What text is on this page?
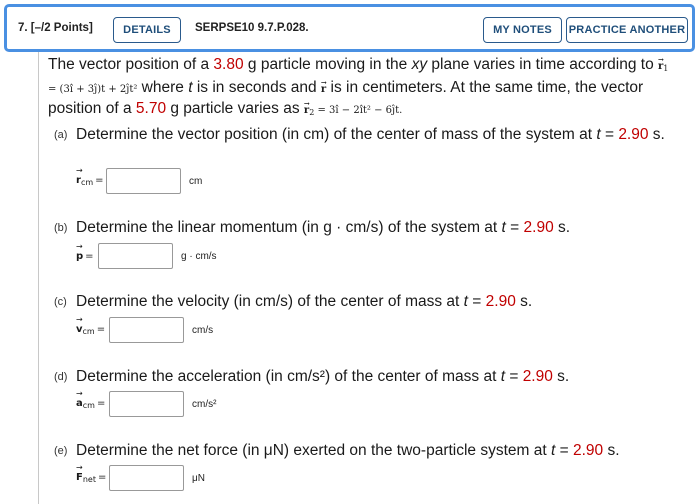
7. [–/2 Points]	DETAILS	SERPSE10 9.7.P.028.	MY NOTES	PRACTICE ANOTHER
The vector position of a 3.80 g particle moving in the xy plane varies in time according to → $r_1$ = (3î + 3ĵ)t + 2ĵt² where t is in seconds and → r is in centimeters. At the same time, the vector position of a 5.70 g particle varies as → $r_2$ = 3î − 2ît² − 6ĵt.
(a) Determine the vector position (in cm) of the center of mass of the system at t = 2.90 s.
→
$r_{cm}$ =	cm
(b) Determine the linear momentum (in g · cm/s) of the system at t = 2.90 s.
→
p =	g · cm/s
(c) Determine the velocity (in cm/s) of the center of mass at t = 2.90 s.
→
$v_{cm}$ =	cm/s
(d) Determine the acceleration (in cm/s²) of the center of mass at t = 2.90 s.
→
$a_{cm}$ =	cm/s²
(e) Determine the net force (in μN) exerted on the two-particle system at t = 2.90 s.
→
$F_{net}$ =	μN
